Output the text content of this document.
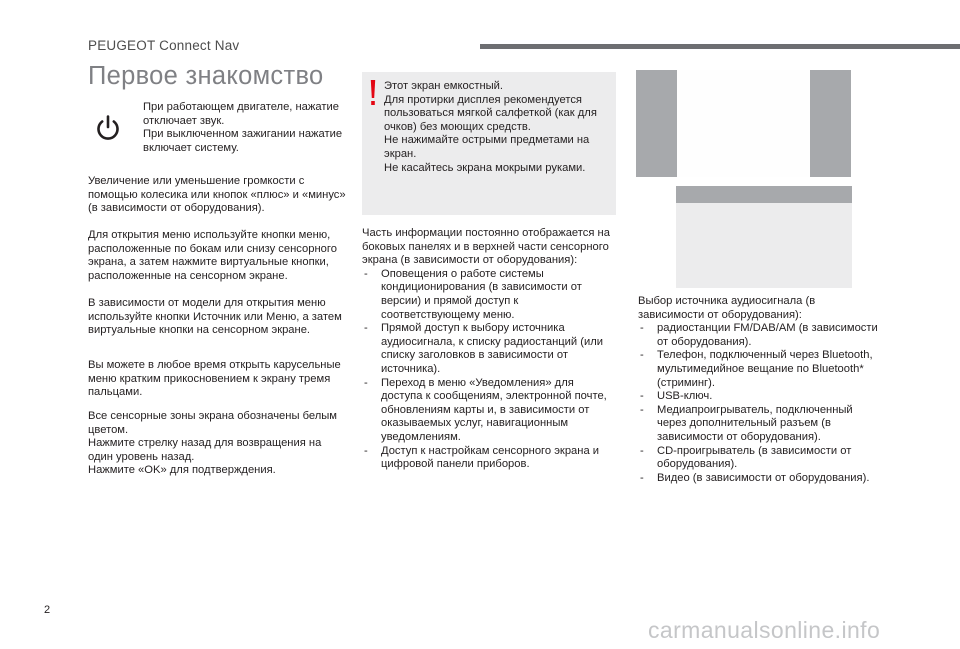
PEUGEOT Connect Nav
Первое знакомство

При работающем двигателе, нажатие отключает звук.

При выключенном зажигании нажатие включает систему.

Увеличение или уменьшение громкости с помощью колесика или кнопок «плюс» и «минус» (в зависимости от оборудования).

Для открытия меню используйте кнопки меню, расположенные по бокам или снизу сенсорного экрана, а затем нажмите виртуальные кнопки, расположенные на сенсорном экране.

В зависимости от модели для открытия меню используйте кнопки Источник или Меню, а затем виртуальные кнопки на сенсорном экране.

Вы можете в любое время открыть карусельные меню кратким прикосновением к экрану тремя пальцами.

Все сенсорные зоны экрана обозначены белым цветом.

Нажмите стрелку назад для возвращения на один уровень назад.

Нажмите «OK» для подтверждения.

Этот экран емкостный.

Для протирки дисплея рекомендуется пользоваться мягкой салфеткой (как для очков) без моющих средств.

Не нажимайте острыми предметами на экран.

Не касайтесь экрана мокрыми руками.

Часть информации постоянно отображается на боковых панелях и в верхней части сенсорного экрана (в зависимости от оборудования):

- Оповещения о работе системы кондиционирования (в зависимости от версии) и прямой доступ к соответствующему меню.
- Прямой доступ к выбору источника аудиосигнала, к списку радиостанций (или списку заголовков в зависимости от источника).
- Переход в меню «Уведомления» для доступа к сообщениям, электронной почте, обновлениям карты и, в зависимости от оказываемых услуг, навигационным уведомлениям.
- Доступ к настройкам сенсорного экрана и цифровой панели приборов.

Выбор источника аудиосигнала (в зависимости от оборудования):

- радиостанции FM/DAB/AM (в зависимости от оборудования).
- Телефон, подключенный через Bluetooth, мультимедийное вещание по Bluetooth* (стриминг).
- USB-ключ.
- Медиапроигрыватель, подключенный через дополнительный разъем (в зависимости от оборудования).
- CD-проигрыватель (в зависимости от оборудования).
- Видео (в зависимости от оборудования).
2
carmanualsonline.info
